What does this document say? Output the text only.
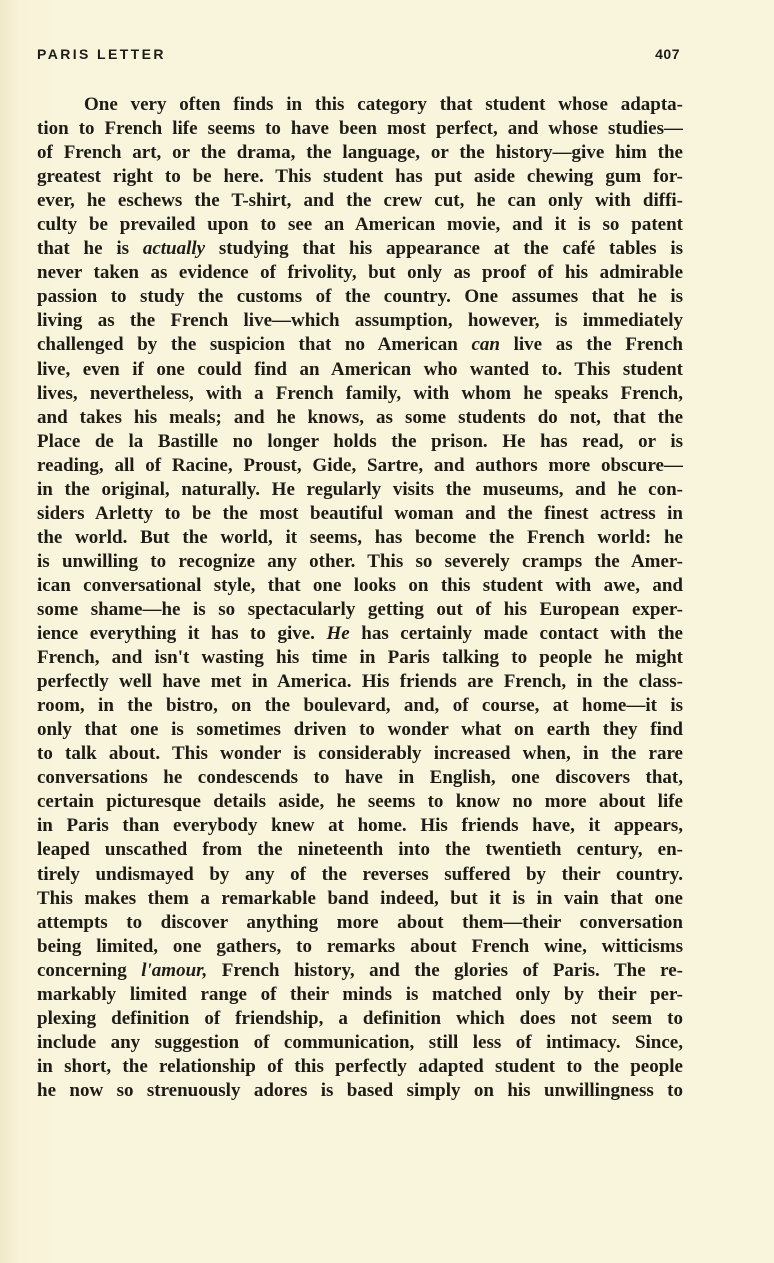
PARIS LETTER	407
One very often finds in this category that student whose adapta-
tion to French life seems to have been most perfect, and whose studies—
of French art, or the drama, the language, or the history—give him the
greatest right to be here. This student has put aside chewing gum for-
ever, he eschews the T-shirt, and the crew cut, he can only with diffi-
culty be prevailed upon to see an American movie, and it is so patent
that he is actually studying that his appearance at the café tables is
never taken as evidence of frivolity, but only as proof of his admirable
passion to study the customs of the country. One assumes that he is
living as the French live—which assumption, however, is immediately
challenged by the suspicion that no American can live as the French
live, even if one could find an American who wanted to. This student
lives, nevertheless, with a French family, with whom he speaks French,
and takes his meals; and he knows, as some students do not, that the
Place de la Bastille no longer holds the prison. He has read, or is
reading, all of Racine, Proust, Gide, Sartre, and authors more obscure—
in the original, naturally. He regularly visits the museums, and he con-
siders Arletty to be the most beautiful woman and the finest actress in
the world. But the world, it seems, has become the French world: he
is unwilling to recognize any other. This so severely cramps the Amer-
ican conversational style, that one looks on this student with awe, and
some shame—he is so spectacularly getting out of his European exper-
ience everything it has to give. He has certainly made contact with the
French, and isn't wasting his time in Paris talking to people he might
perfectly well have met in America. His friends are French, in the class-
room, in the bistro, on the boulevard, and, of course, at home—it is
only that one is sometimes driven to wonder what on earth they find
to talk about. This wonder is considerably increased when, in the rare
conversations he condescends to have in English, one discovers that,
certain picturesque details aside, he seems to know no more about life
in Paris than everybody knew at home. His friends have, it appears,
leaped unscathed from the nineteenth into the twentieth century, en-
tirely undismayed by any of the reverses suffered by their country.
This makes them a remarkable band indeed, but it is in vain that one
attempts to discover anything more about them—their conversation
being limited, one gathers, to remarks about French wine, witticisms
concerning l'amour, French history, and the glories of Paris. The re-
markably limited range of their minds is matched only by their per-
plexing definition of friendship, a definition which does not seem to
include any suggestion of communication, still less of intimacy. Since,
in short, the relationship of this perfectly adapted student to the people
he now so strenuously adores is based simply on his unwillingness to
